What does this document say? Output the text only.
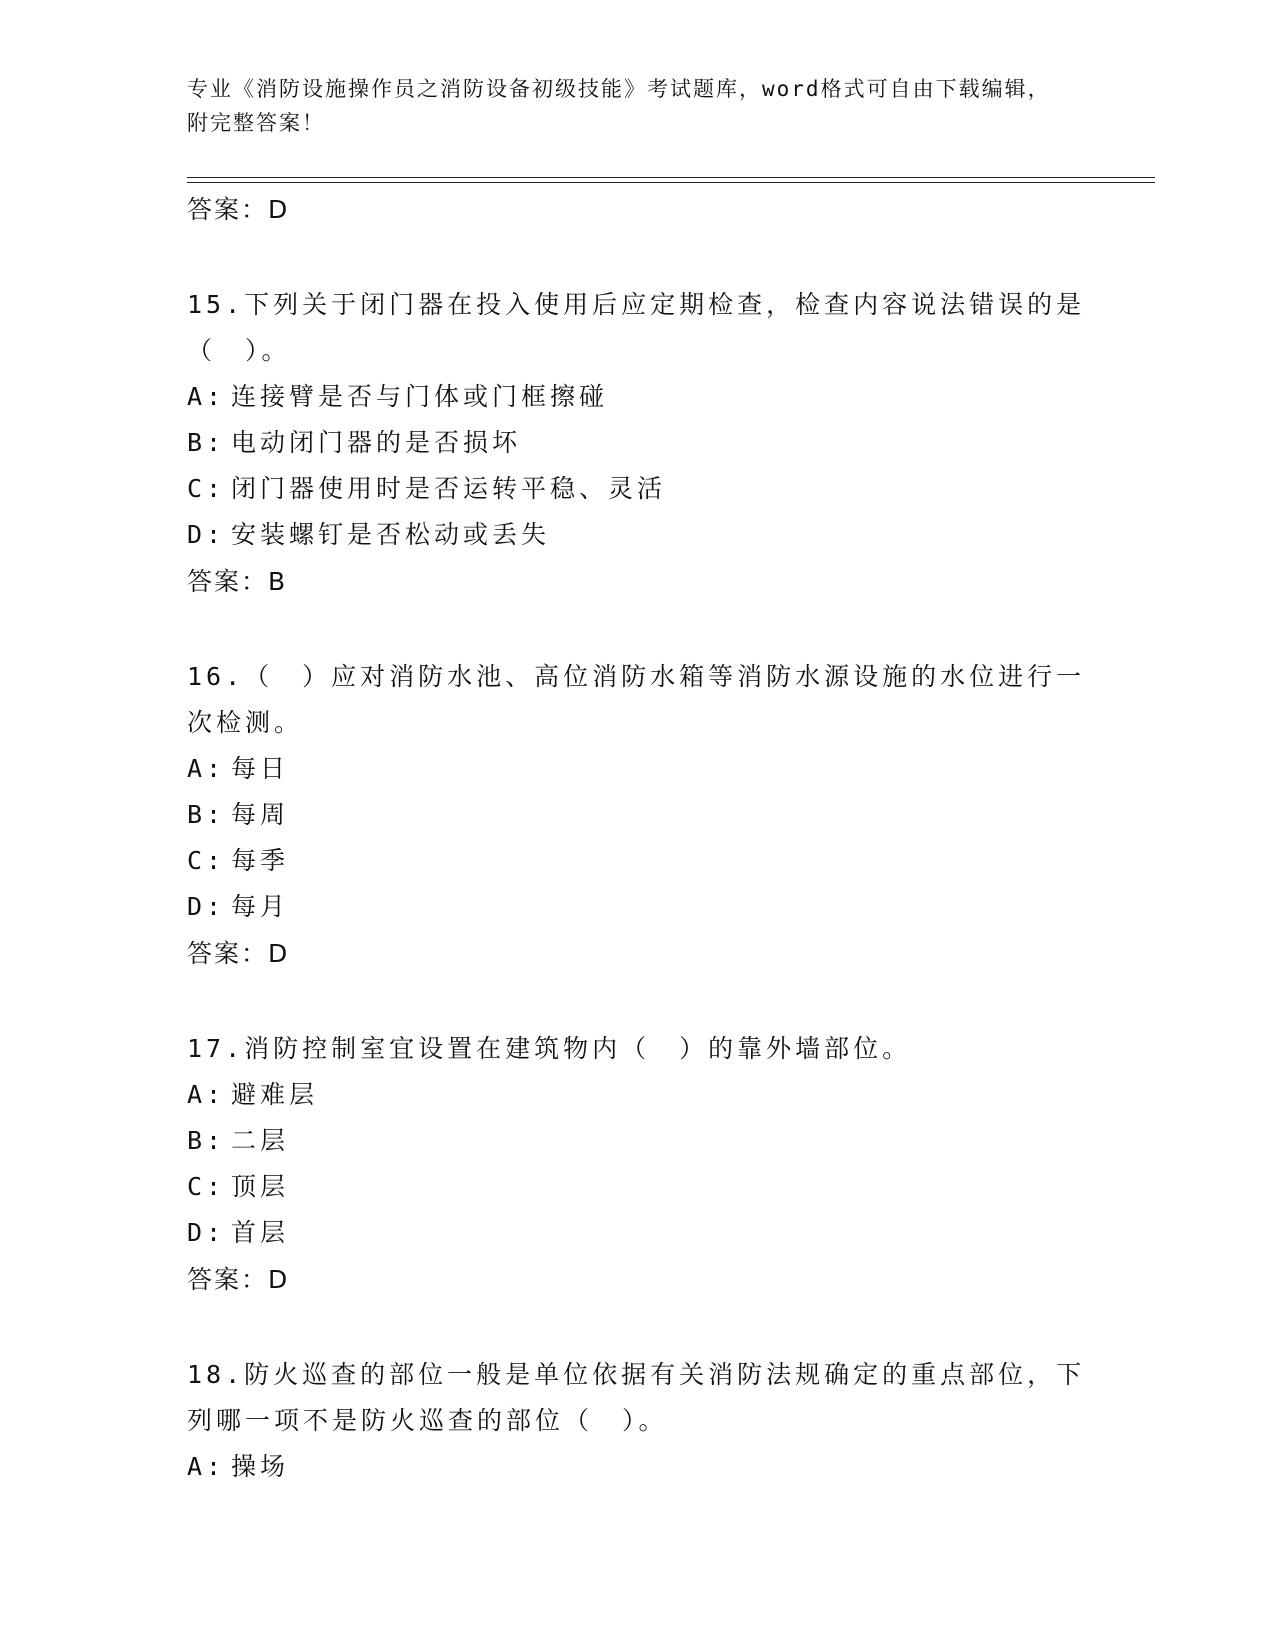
专业《消防设施操作员之消防设备初级技能》考试题库，word格式可自由下载编辑，附完整答案！

答案：D

15.下列关于闭门器在投入使用后应定期检查，检查内容说法错误的是（　）。

A: 连接臂是否与门体或门框擦碰

B: 电动闭门器的是否损坏

C: 闭门器使用时是否运转平稳、灵活

D: 安装螺钉是否松动或丢失

答案：B

16.（　）应对消防水池、高位消防水箱等消防水源设施的水位进行一次检测。

A: 每日

B: 每周

C: 每季

D: 每月

答案：D

17.消防控制室宜设置在建筑物内（　）的靠外墙部位。

A: 避难层

B: 二层

C: 顶层

D: 首层

答案：D

18.防火巡查的部位一般是单位依据有关消防法规确定的重点部位，下列哪一项不是防火巡查的部位（　）。

A: 操场
